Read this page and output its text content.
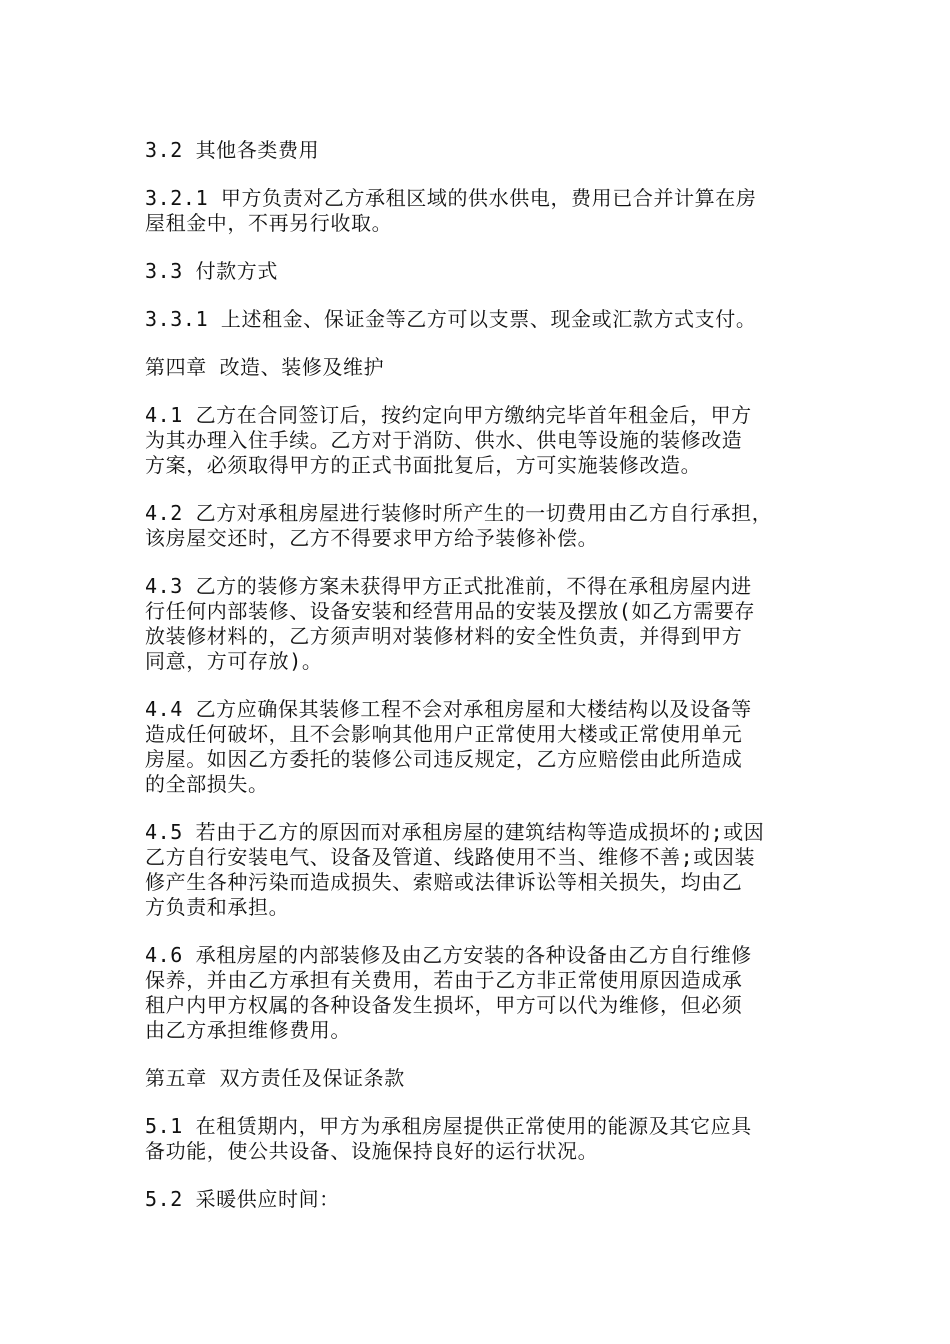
3.2 其他各类费用
3.2.1 甲方负责对乙方承租区域的供水供电，费用已合并计算在房
屋租金中，不再另行收取。
3.3 付款方式
3.3.1 上述租金、保证金等乙方可以支票、现金或汇款方式支付。
第四章 改造、装修及维护
4.1 乙方在合同签订后，按约定向甲方缴纳完毕首年租金后，甲方
为其办理入住手续。乙方对于消防、供水、供电等设施的装修改造
方案，必须取得甲方的正式书面批复后，方可实施装修改造。
4.2 乙方对承租房屋进行装修时所产生的一切费用由乙方自行承担，
该房屋交还时，乙方不得要求甲方给予装修补偿。
4.3 乙方的装修方案未获得甲方正式批准前，不得在承租房屋内进
行任何内部装修、设备安装和经营用品的安装及摆放(如乙方需要存
放装修材料的，乙方须声明对装修材料的安全性负责，并得到甲方
同意，方可存放)。
4.4 乙方应确保其装修工程不会对承租房屋和大楼结构以及设备等
造成任何破坏，且不会影响其他用户正常使用大楼或正常使用单元
房屋。如因乙方委托的装修公司违反规定，乙方应赔偿由此所造成
的全部损失。
4.5 若由于乙方的原因而对承租房屋的建筑结构等造成损坏的;或因
乙方自行安装电气、设备及管道、线路使用不当、维修不善;或因装
修产生各种污染而造成损失、索赔或法律诉讼等相关损失，均由乙
方负责和承担。
4.6 承租房屋的内部装修及由乙方安装的各种设备由乙方自行维修
保养，并由乙方承担有关费用，若由于乙方非正常使用原因造成承
租户内甲方权属的各种设备发生损坏，甲方可以代为维修，但必须
由乙方承担维修费用。
第五章 双方责任及保证条款
5.1 在租赁期内，甲方为承租房屋提供正常使用的能源及其它应具
备功能，使公共设备、设施保持良好的运行状况。
5.2 采暖供应时间：
